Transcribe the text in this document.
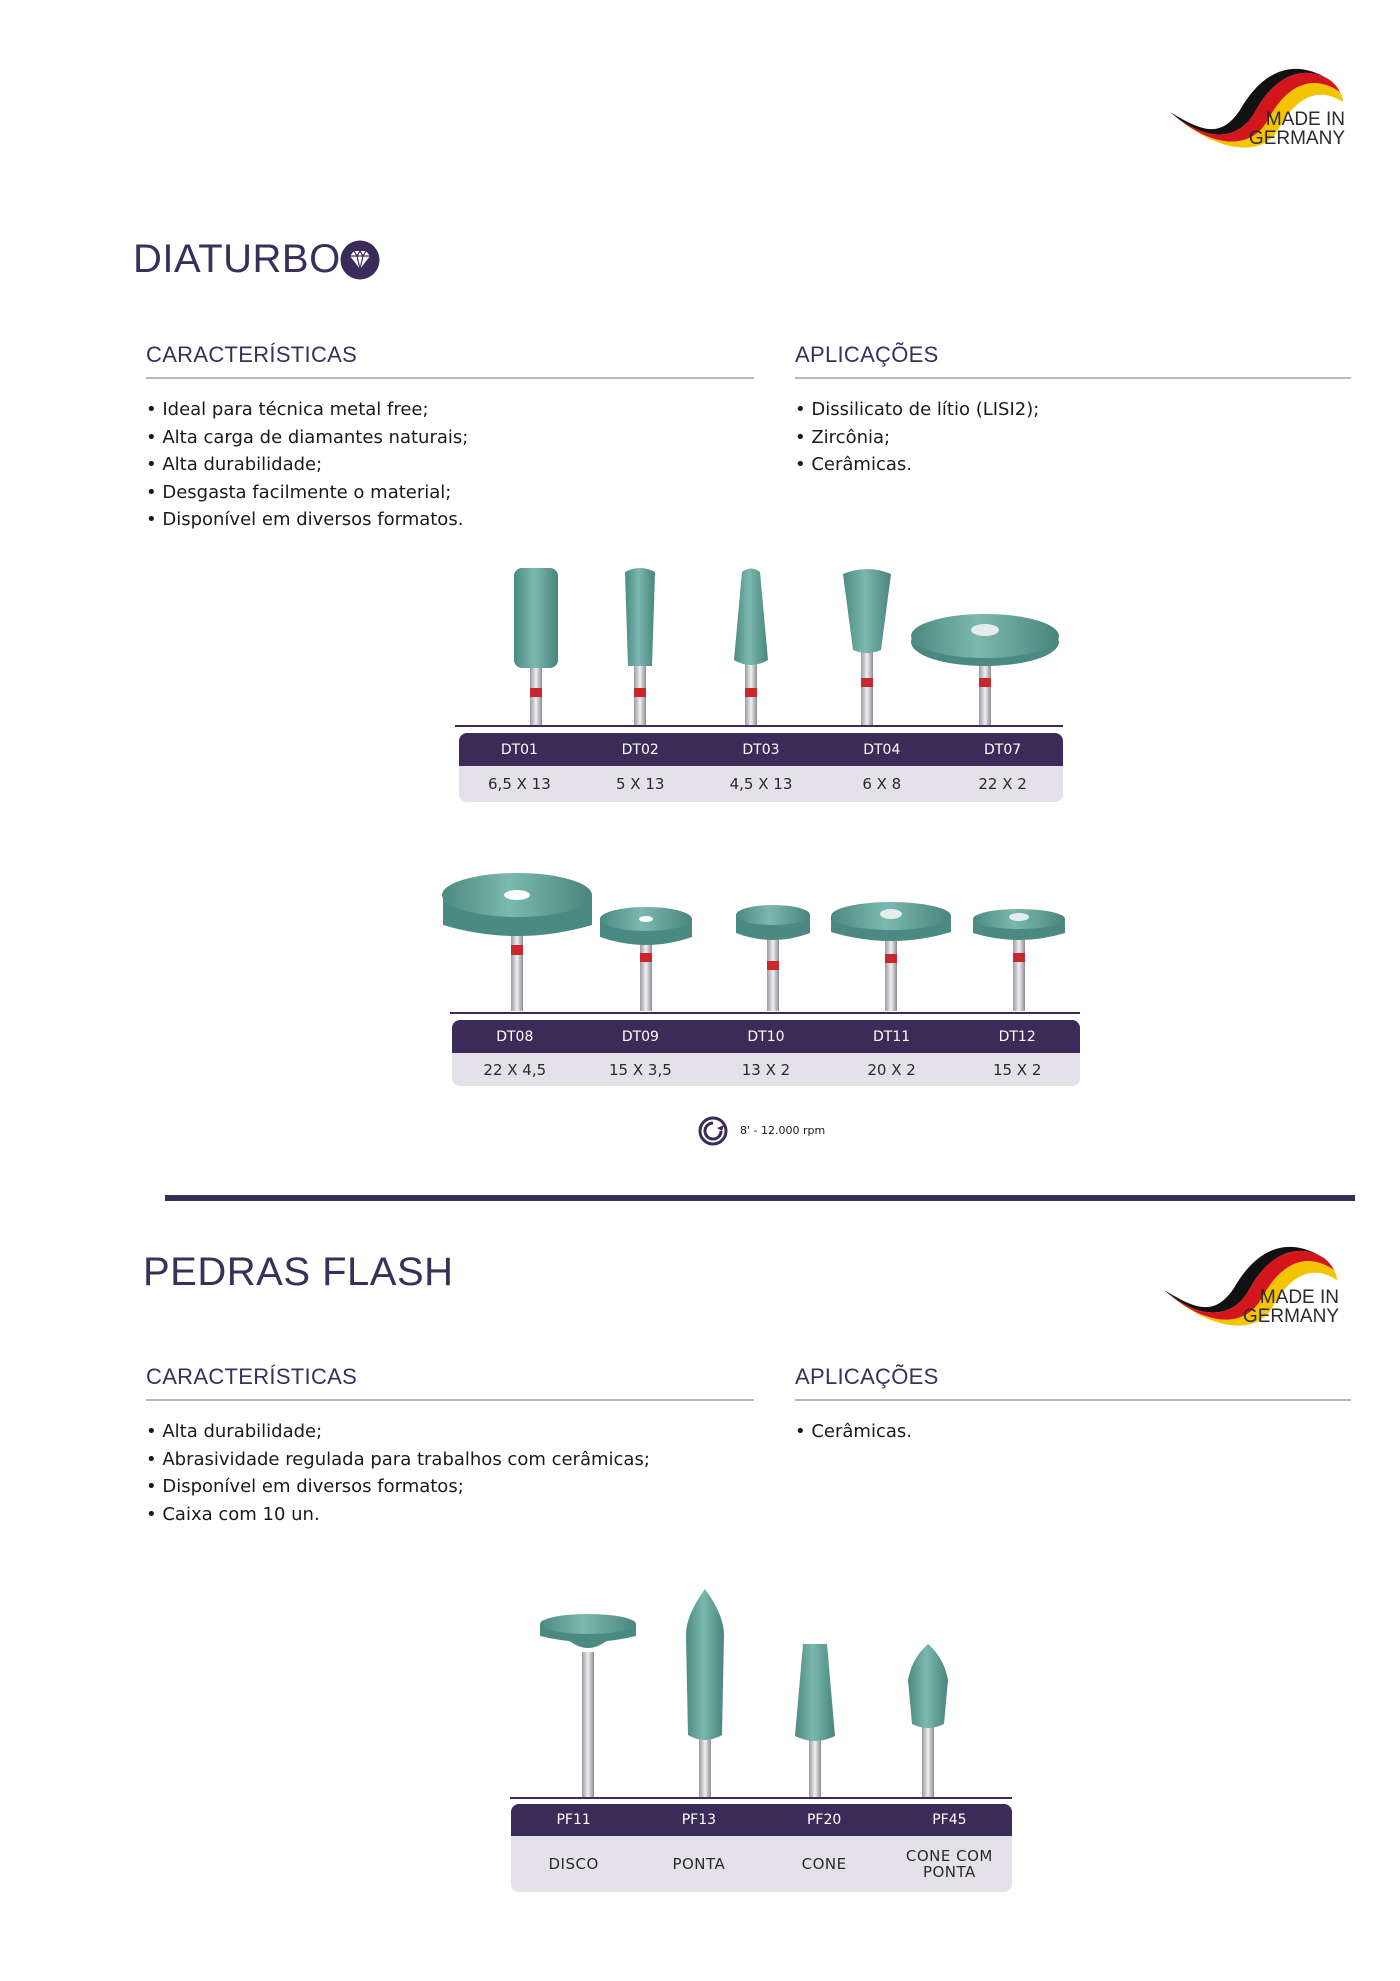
MADE IN
GERMANY
DIATURBO
CARACTERÍSTICAS	APLICAÇÕES
• Ideal para técnica metal free;
• Alta carga de diamantes naturais;
• Alta durabilidade;
• Desgasta facilmente o material;
• Disponível em diversos formatos.
• Dissilicato de lítio (LISI2);
• Zircônia;
• Cerâmicas.
DT01	DT02	DT03	DT04	DT07
6,5 X 13	5 X 13	4,5 X 13	6 X 8	22 X 2
DT08	DT09	DT10	DT11	DT12
22 X 4,5	15 X 3,5	13 X 2	20 X 2	15 X 2
8' - 12.000 rpm
PEDRAS FLASH
MADE IN
GERMANY
CARACTERÍSTICAS	APLICAÇÕES
• Alta durabilidade;
• Abrasividade regulada para trabalhos com cerâmicas;
• Disponível em diversos formatos;
• Caixa com 10 un.
• Cerâmicas.
PF11	PF13	PF20	PF45
DISCO	PONTA	CONE	CONE COM
PONTA
